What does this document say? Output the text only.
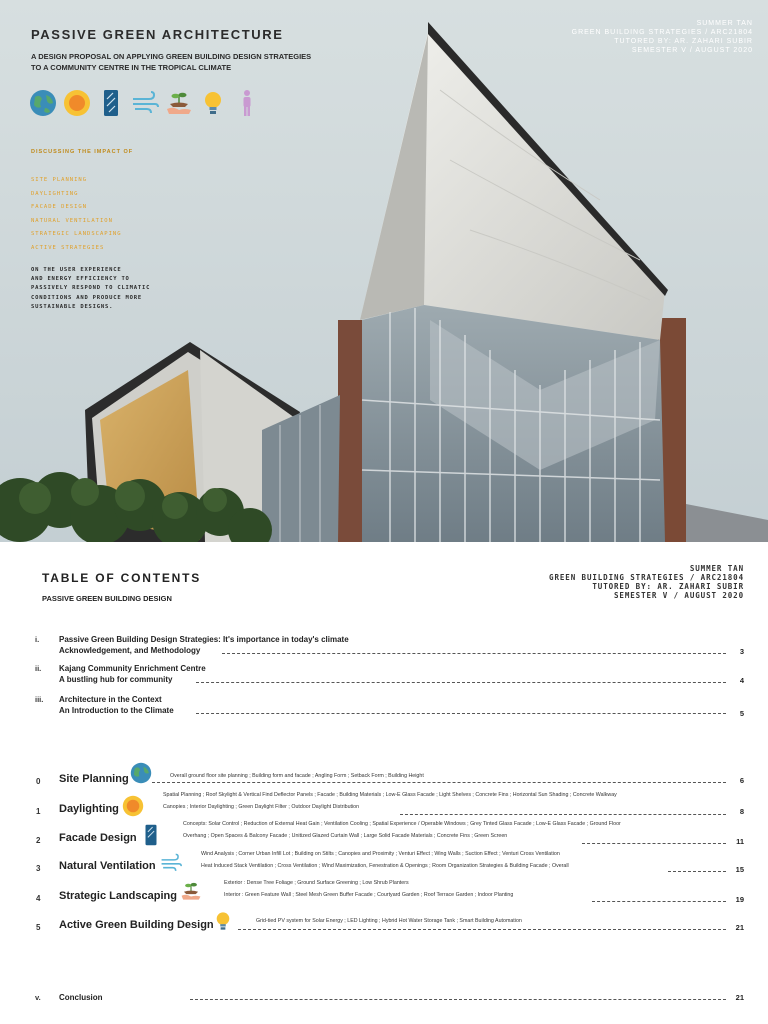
PASSIVE GREEN ARCHITECTURE
A DESIGN PROPOSAL ON APPLYING GREEN BUILDING DESIGN STRATEGIES
TO A COMMUNITY CENTRE IN THE TROPICAL CLIMATE
SUMMER TAN
GREEN BUILDING STRATEGIES / ARC21804
TUTORED BY: AR. ZAHARI SUBIR
SEMESTER V / AUGUST 2020
DISCUSSING THE IMPACT OF
SITE PLANNING
DAYLIGHTING
FACADE DESIGN
NATURAL VENTILATION
STRATEGIC LANDSCAPING
ACTIVE STRATEGIES
ON THE USER EXPERIENCE
AND ENERGY EFFICIENCY TO
PASSIVELY RESPOND TO CLIMATIC
CONDITIONS AND PRODUCE MORE
SUSTAINABLE DESIGNS.
TABLE OF CONTENTS
PASSIVE GREEN BUILDING DESIGN
SUMMER TAN
GREEN BUILDING STRATEGIES / ARC21804
TUTORED BY: AR. ZAHARI SUBIR
SEMESTER V / AUGUST 2020
i. Passive Green Building Design Strategies: It's importance in today's climate
Acknowledgement, and Methodology	3
ii. Kajang Community Enrichment Centre
A bustling hub for community	4
iii. Architecture in the Context
An Introduction to the Climate	5
0 Site Planning	Overall ground floor site planning ; Building form and facade ; Angling Form ; Setback Form ; Building Height	6
1 Daylighting
Spatial Planning ; Roof Skylight & Vertical Find Deflector Panels ; Facade ; Building Materials ; Low-E Glass Facade ; Light Shelves ; Concrete Fins ; Horizontal Sun Shading ; Concrete Walkway
Canopies ; Interior Daylighting ; Green Daylight Filter ; Outdoor Daylight Distribution	8
2 Facade Design
Concepts: Solar Control ; Reduction of External Heat Gain ; Ventilation Cooling ; Spatial Experience / Operable Windows ; Grey Tinted Glass Facade ; Low-E Glass Facade ; Ground Floor
Overhang ; Open Spaces & Balcony Facade ; Unitized Glazed Curtain Wall ; Large Solid Facade Materials ; Concrete Fins ; Green Screen
11
3 Natural Ventilation
Wind Analysis ; Corner Urban Infill Lot ; Building on Stilts ; Canopies and Proximity ; Venturi Effect ; Wing Walls ; Suction Effect ; Venturi Cross Ventilation
Heat Induced Stack Ventilation ; Cross Ventilation ; Wind Maximization, Fenestration & Openings ; Room Organization Strategies & Building Facade ; Overall	15
4 Strategic Landscaping
Exterior : Dense Tree Foliage ; Ground Surface Greening ; Low Shrub Planters
Interior : Green Feature Wall ; Steel Mesh Green Buffer Facade ; Courtyard Garden ; Roof Terrace Garden ; Indoor Planting	19
5 Active Green Building Design	Grid-tied PV system for Solar Energy ; LED Lighting ; Hybrid Hot Water Storage Tank ; Smart Building Automation
21
v. Conclusion	21
